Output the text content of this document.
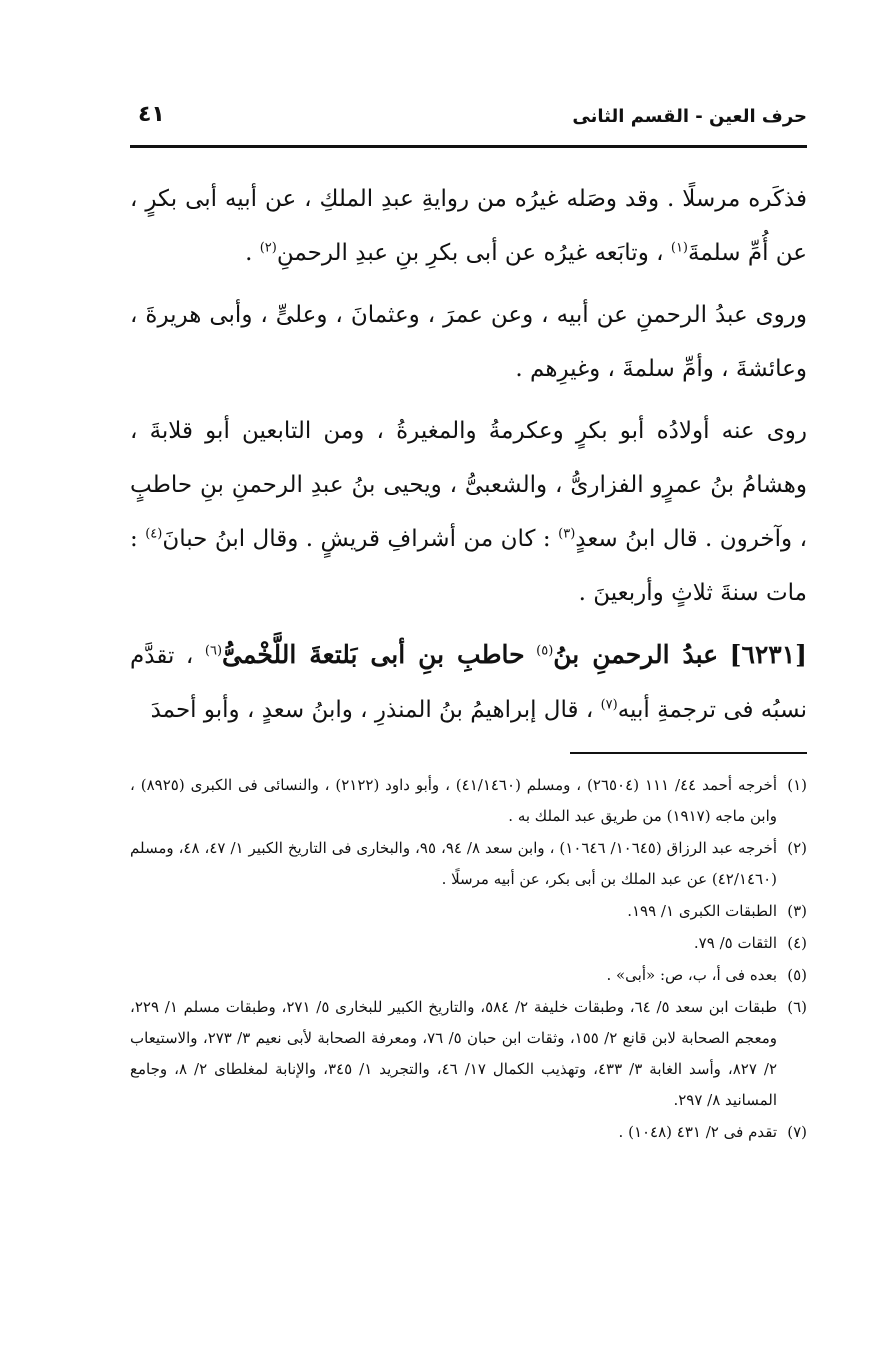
حرف العين - القسم الثانى
٤١

فذكَره مرسلًا . وقد وصَله غيرُه من روايةِ عبدِ الملكِ ، عن أبيه أبى بكرٍ ، عن أُمِّ سلمةَ$^{(١)}$ ، وتابَعه غيرُه عن أبى بكرِ بنِ عبدِ الرحمنِ$^{(٢)}$ .

وروى عبدُ الرحمنِ عن أبيه ، وعن عمرَ ، وعثمانَ ، وعلىٍّ ، وأبى هريرةَ ، وعائشةَ ، وأمِّ سلمةَ ، وغيرِهم .

روى عنه أولادُه أبو بكرٍ وعكرمةُ والمغيرةُ ، ومن التابعين أبو قلابةَ ، وهشامُ بنُ عمرٍو الفزارىُّ ، والشعبىُّ ، ويحيى بنُ عبدِ الرحمنِ بنِ حاطبٍ ، وآخرون . قال ابنُ سعدٍ$^{(٣)}$ : كان من أشرافِ قريشٍ . وقال ابنُ حبانَ$^{(٤)}$ : مات سنةَ ثلاثٍ وأربعينَ .

[٦٢٣١] عبدُ الرحمنِ بنُ$^{(٥)}$ حاطبِ بنِ أبى بَلتعةَ اللَّخْمىُّ$^{(٦)}$ ، تقدَّم نسبُه فى ترجمةِ أبيه$^{(٧)}$ ، قال إبراهيمُ بنُ المنذرِ ، وابنُ سعدٍ ، وأبو أحمدَ

(١)
أخرجه أحمد ٤٤/ ١١١ (٢٦٥٠٤) ، ومسلم (٤١/١٤٦٠) ، وأبو داود (٢١٢٢) ، والنسائى فى الكبرى (٨٩٢٥) ، وابن ماجه (١٩١٧) من طريق عبد الملك به .
(٢)
أخرجه عبد الرزاق (١٠٦٤٥/ ١٠٦٤٦) ، وابن سعد ٨/ ٩٤، ٩٥، والبخارى فى التاريخ الكبير ١/ ٤٧، ٤٨، ومسلم (٤٢/١٤٦٠) عن عبد الملك بن أبى بكر، عن أبيه مرسلًا .
(٣)
الطبقات الكبرى ١/ ١٩٩.
(٤)
الثقات ٥/ ٧٩.
(٥)
بعده فى أ، ب، ص: «أبى» .
(٦)
طبقات ابن سعد ٥/ ٦٤، وطبقات خليفة ٢/ ٥٨٤، والتاريخ الكبير للبخارى ٥/ ٢٧١، وطبقات مسلم ١/ ٢٢٩، ومعجم الصحابة لابن قانع ٢/ ١٥٥، وثقات ابن حبان ٥/ ٧٦، ومعرفة الصحابة لأبى نعيم ٣/ ٢٧٣، والاستيعاب ٢/ ٨٢٧، وأسد الغابة ٣/ ٤٣٣، وتهذيب الكمال ١٧/ ٤٦، والتجريد ١/ ٣٤٥، والإنابة لمغلطاى ٢/ ٨، وجامع المسانيد ٨/ ٢٩٧.
(٧)
تقدم فى ٢/ ٤٣١ (١٠٤٨) .
